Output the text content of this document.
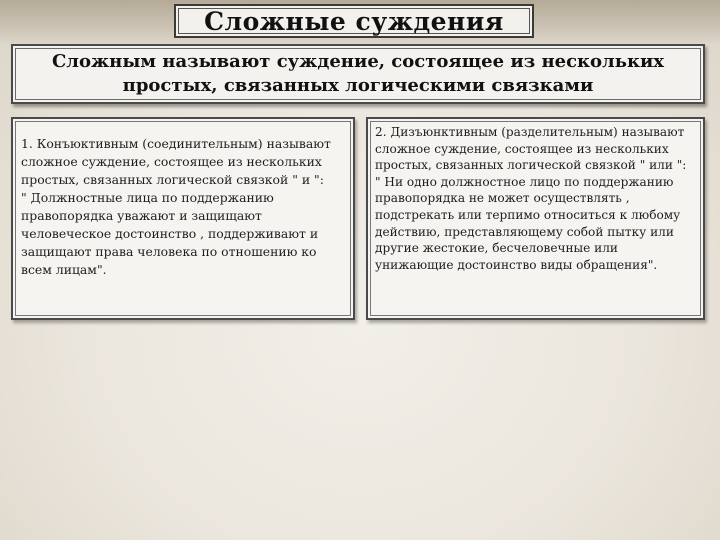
Сложные суждения
Сложным называют суждение, состоящее из нескольких простых, связанных логическими связками

1. Конъюктивным (соединительным) называют сложное суждение, состоящее из нескольких простых, связанных логической связкой " и ":

" Должностные лица по поддержанию правопорядка уважают и защищают человеческое достоинство , поддерживают и защищают права человека по отношению ко всем лицам".

2. Дизъюнктивным (разделительным) называют сложное суждение, состоящее из нескольких простых, связанных логической связкой " или ":

" Ни одно должностное лицо по поддержанию правопорядка не может осуществлять , подстрекать или терпимо относиться к любому действию, представляющему собой пытку или другие жестокие, бесчеловечные или унижающие достоинство виды обращения".
